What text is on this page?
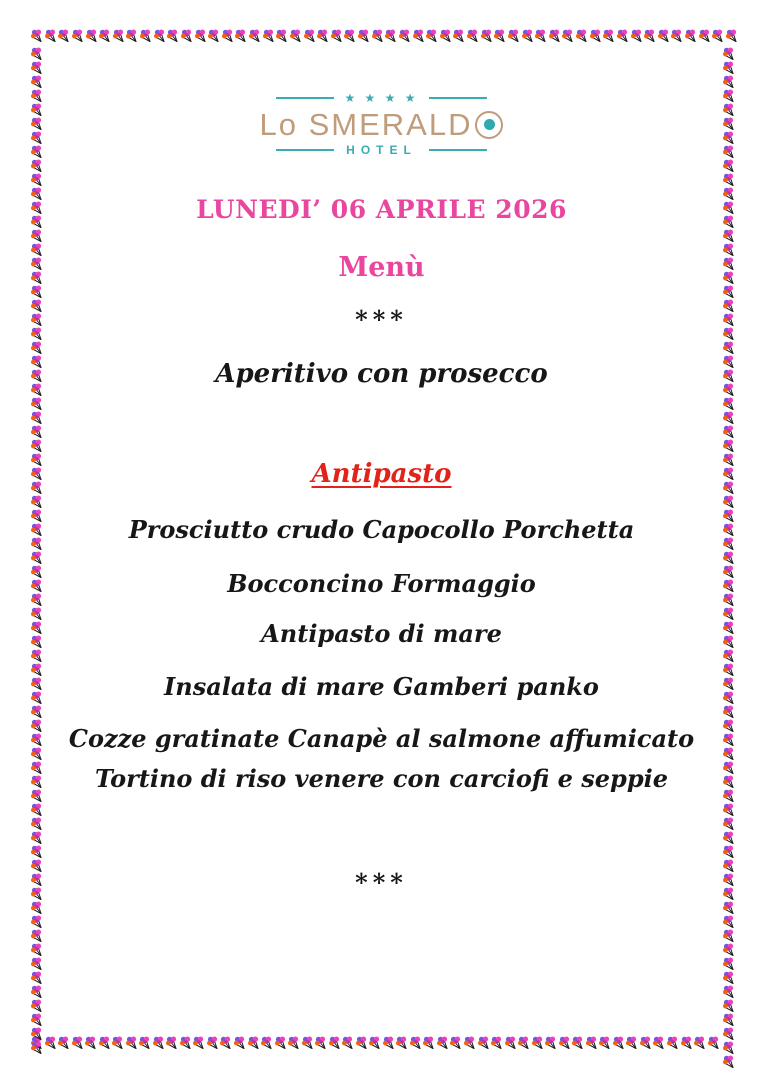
★ ★ ★ ★
Lo SMERALD
HOTEL
LUNEDI’ 06 APRILE 2026
Menù
***
Aperitivo con prosecco
Antipasto
Prosciutto crudo Capocollo Porchetta
Bocconcino Formaggio
Antipasto di mare
Insalata di mare Gamberi panko
Cozze gratinate Canapè al salmone affumicato
Tortino di riso venere con carciofi e seppie
***
